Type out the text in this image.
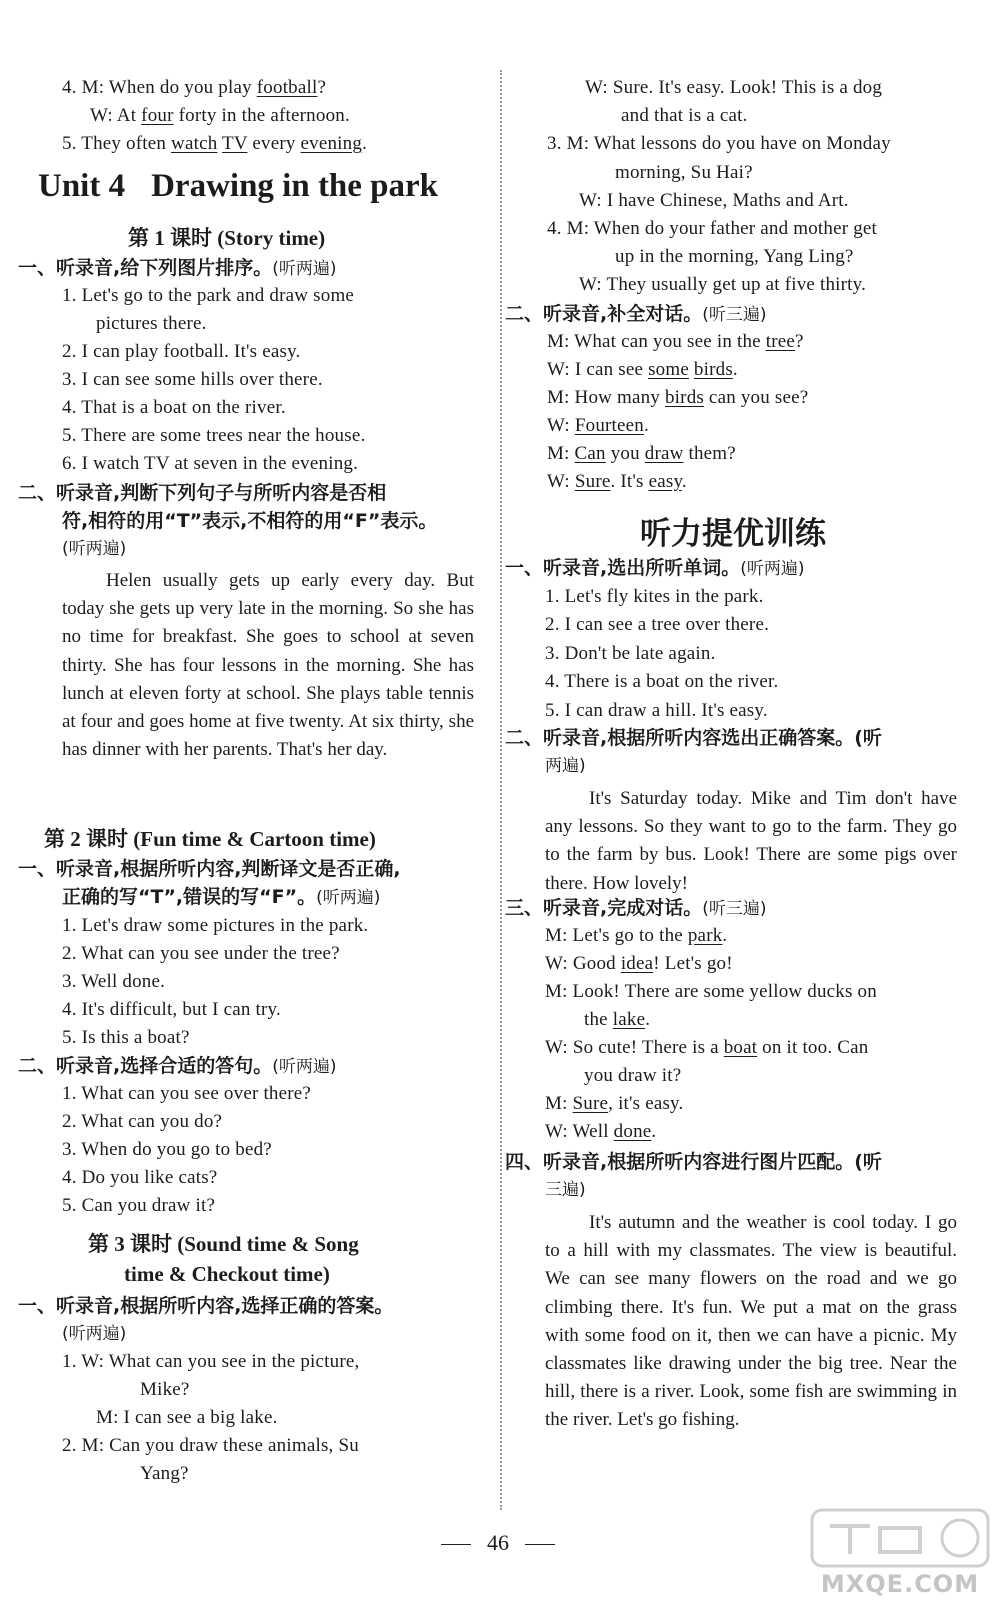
4. M: When do you play football?
W: At four forty in the afternoon.
5. They often watch TV every evening.
Unit 4 Drawing in the park
第 1 课时 (Story time)
一、听录音,给下列图片排序。(听两遍)
1. Let's go to the park and draw some
pictures there.
2. I can play football. It's easy.
3. I can see some hills over there.
4. That is a boat on the river.
5. There are some trees near the house.
6. I watch TV at seven in the evening.
二、听录音,判断下列句子与所听内容是否相
符,相符的用“T”表示,不相符的用“F”表示。
(听两遍)
Helen usually gets up early every day. But today she gets up very late in the morning. So she has no time for breakfast. She goes to school at seven thirty. She has four lessons in the morning. She has lunch at eleven forty at school. She plays table tennis at four and goes home at five twenty. At six thirty, she has dinner with her parents. That's her day.
第 2 课时 (Fun time & Cartoon time)
一、听录音,根据所听内容,判断译文是否正确,
正确的写“T”,错误的写“F”。(听两遍)
1. Let's draw some pictures in the park.
2. What can you see under the tree?
3. Well done.
4. It's difficult, but I can try.
5. Is this a boat?
二、听录音,选择合适的答句。(听两遍)
1. What can you see over there?
2. What can you do?
3. When do you go to bed?
4. Do you like cats?
5. Can you draw it?
第 3 课时 (Sound time & Song
time & Checkout time)
一、听录音,根据所听内容,选择正确的答案。
(听两遍)
1. W: What can you see in the picture,
Mike?
M: I can see a big lake.
2. M: Can you draw these animals, Su
Yang?
W: Sure. It's easy. Look! This is a dog
and that is a cat.
3. M: What lessons do you have on Monday
morning, Su Hai?
W: I have Chinese, Maths and Art.
4. M: When do your father and mother get
up in the morning, Yang Ling?
W: They usually get up at five thirty.
二、听录音,补全对话。(听三遍)
M: What can you see in the tree?
W: I can see some birds.
M: How many birds can you see?
W: Fourteen.
M: Can you draw them?
W: Sure. It's easy.
听力提优训练
一、听录音,选出所听单词。(听两遍)
1. Let's fly kites in the park.
2. I can see a tree over there.
3. Don't be late again.
4. There is a boat on the river.
5. I can draw a hill. It's easy.
二、听录音,根据所听内容选出正确答案。(听
两遍)
It's Saturday today. Mike and Tim don't have any lessons. So they want to go to the farm. They go to the farm by bus. Look! There are some pigs over there. How lovely!
三、听录音,完成对话。(听三遍)
M: Let's go to the park.
W: Good idea! Let's go!
M: Look! There are some yellow ducks on
the lake.
W: So cute! There is a boat on it too. Can
you draw it?
M: Sure, it's easy.
W: Well done.
四、听录音,根据所听内容进行图片匹配。(听
三遍)
It's autumn and the weather is cool today. I go to a hill with my classmates. The view is beautiful. We can see many flowers on the road and we go climbing there. It's fun. We put a mat on the grass with some food on it, then we can have a picnic. My classmates like drawing under the big tree. Near the hill, there is a river. Look, some fish are swimming in the river. Let's go fishing.
46
MXQE.COM
